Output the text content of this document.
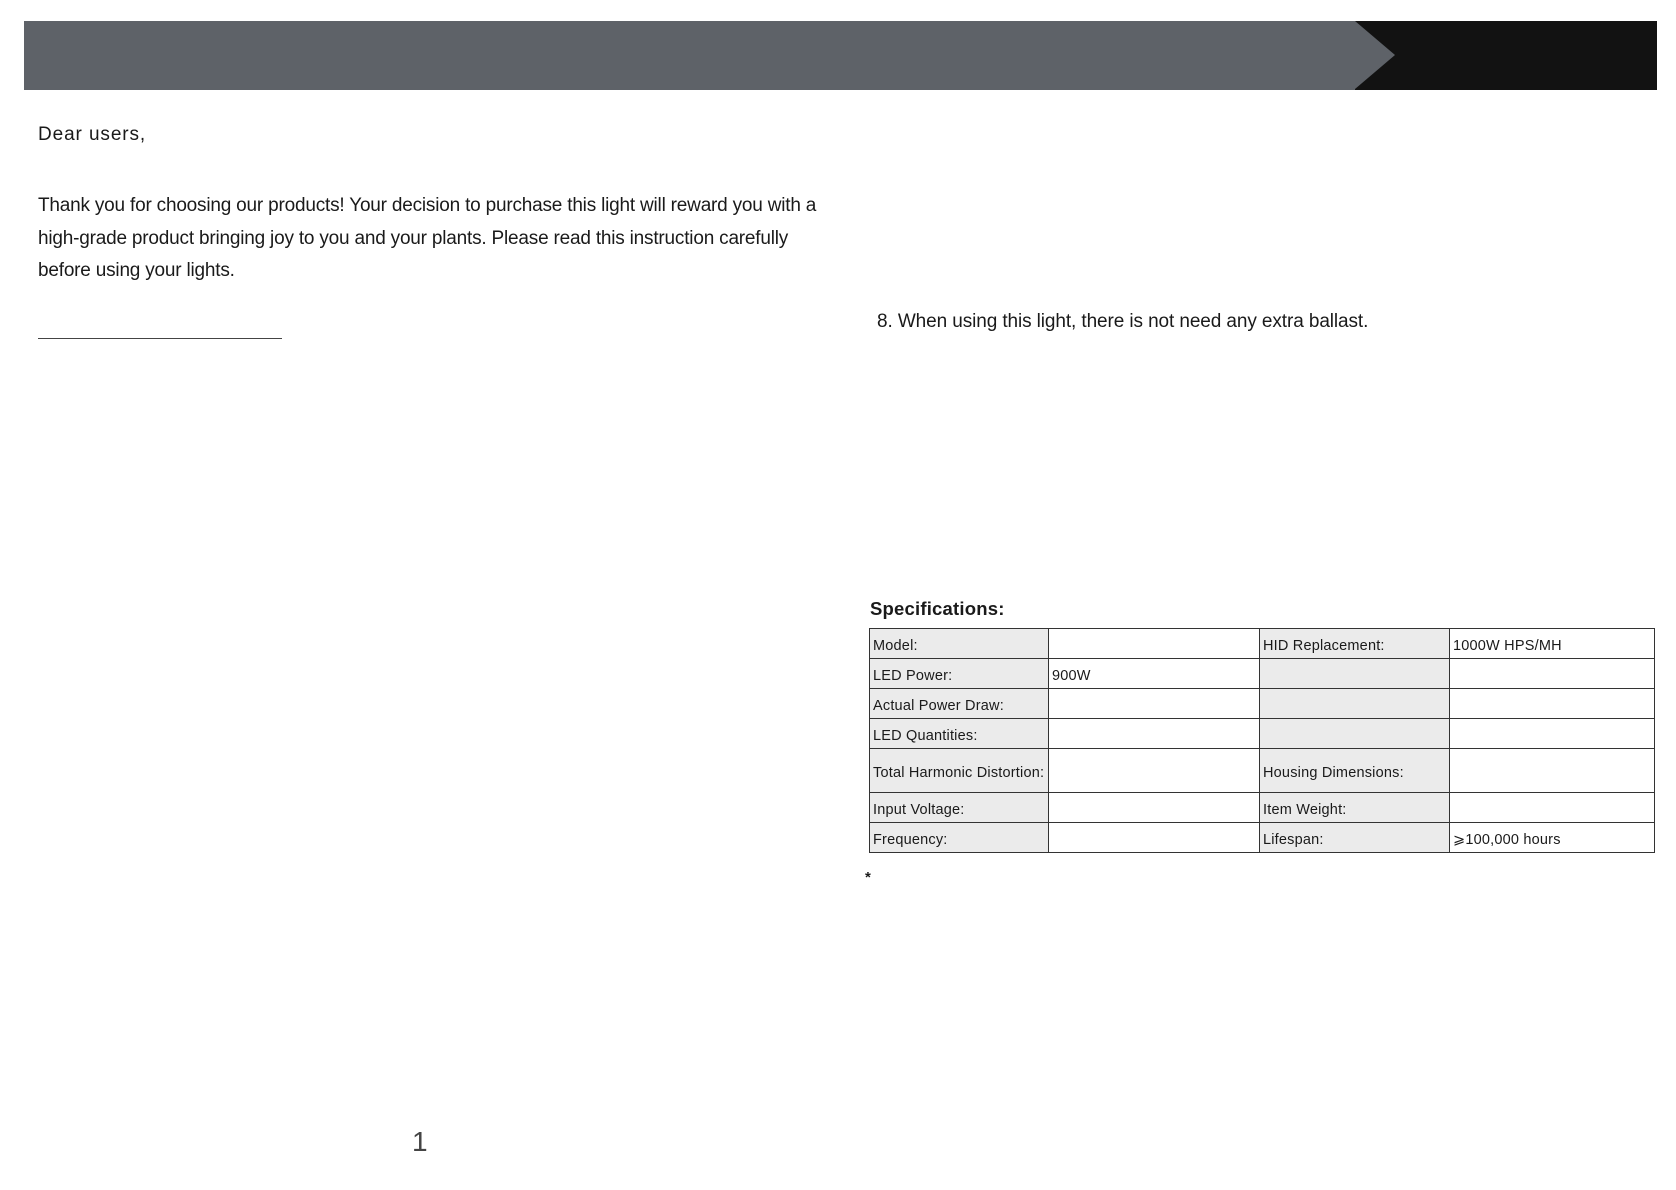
Dear users,

Thank you for choosing our products! Your decision to purchase this light will reward you with a high-grade product bringing joy to you and your plants. Please read this instruction carefully before using your lights.

1

8. When using this light, there is not need any extra ballast.

Specifications:

Model:		HID Replacement:	1000W HPS/MH
LED Power:	900W		
Actual Power Draw:			
LED Quantities:			
Total Harmonic Distortion:		Housing Dimensions:	
Input Voltage:		Item Weight:	
Frequency:		Lifespan:	⩾100,000 hours
*
